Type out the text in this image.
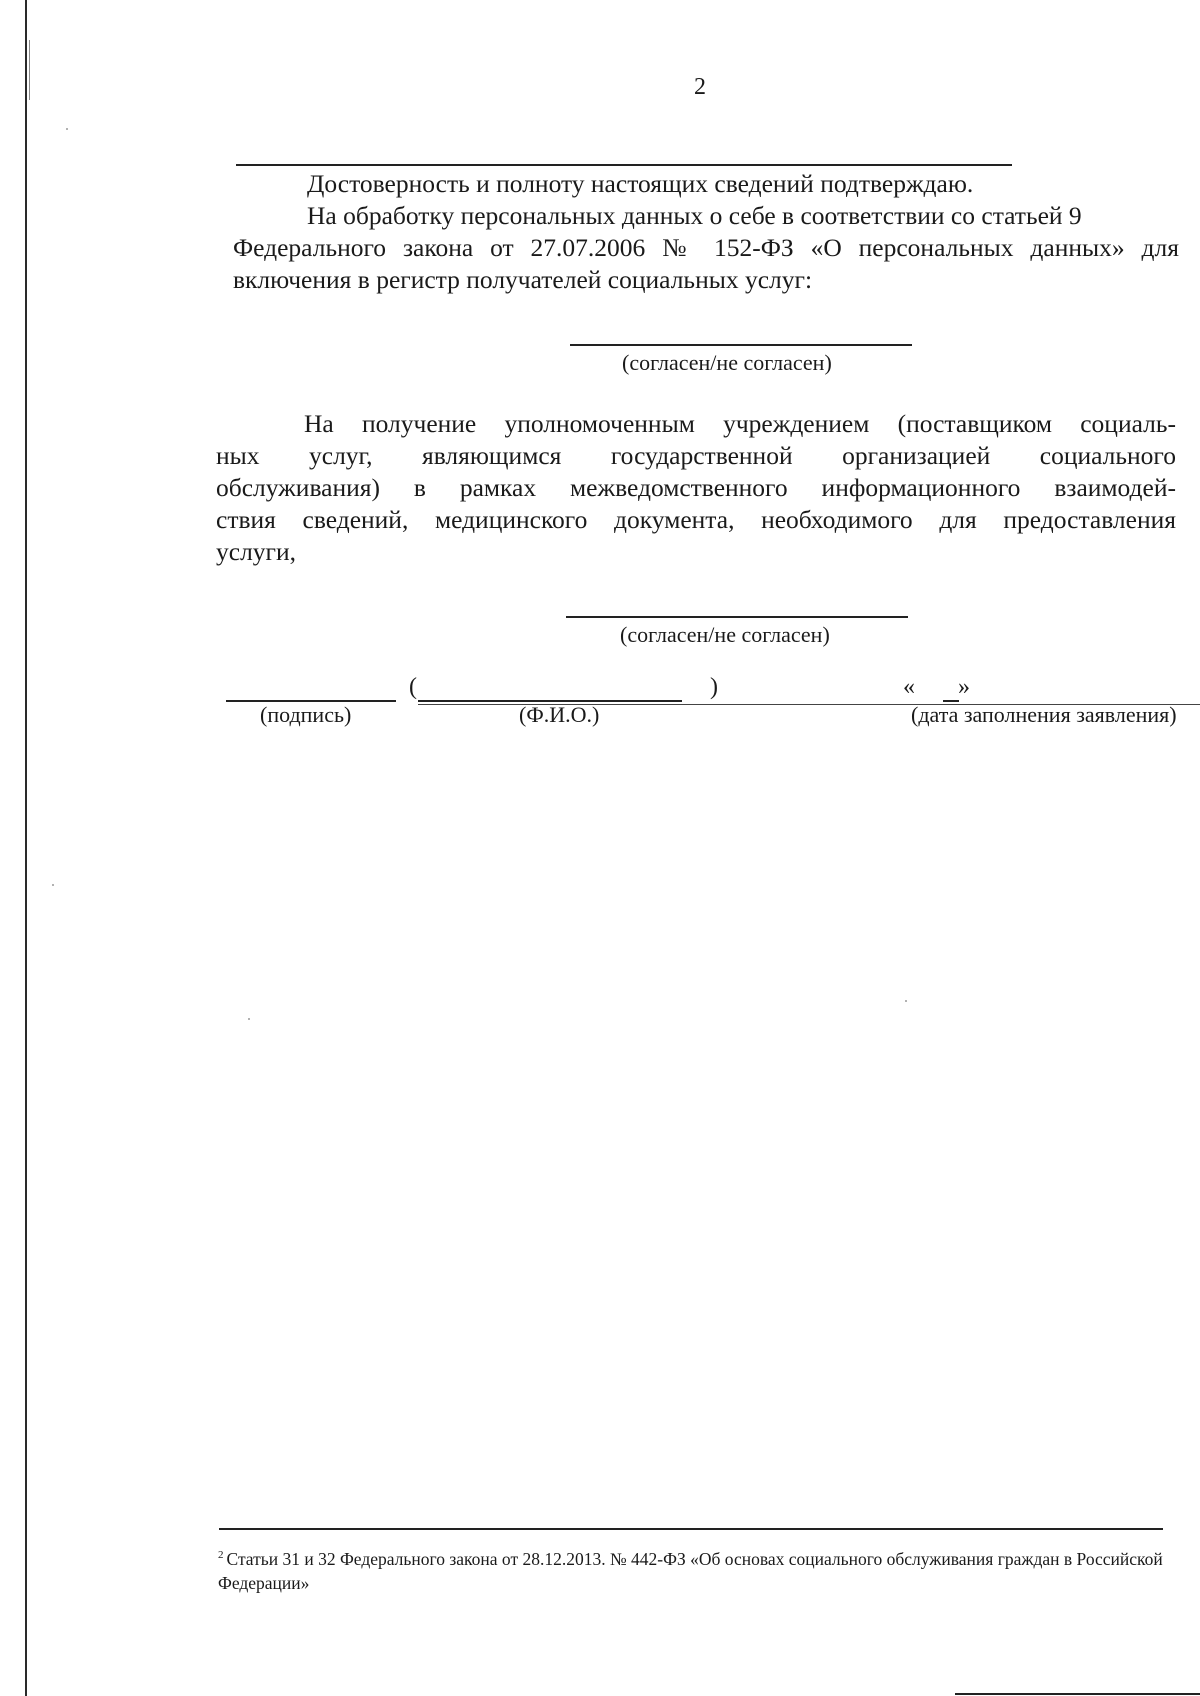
2
Достоверность и полноту настоящих сведений подтверждаю.
На обработку персональных данных о себе в соответствии со статьей 9
Федерального закона от 27.07.2006 № 152-ФЗ «О персональных данных» для
включения в регистр получателей социальных услуг:
(согласен/не согласен)
На получение уполномоченным учреждением (поставщиком социаль-
ных услуг, являющимся государственной организацией социального
обслуживания) в рамках межведомственного информационного взаимодей-
ствия сведений, медицинского документа, необходимого для предоставления
услуги,
(согласен/не согласен)
(	)	« »
(подпись)	(Ф.И.О.)	(дата заполнения заявления)
$^2$ Статьи 31 и 32 Федерального закона от 28.12.2013. № 442-ФЗ «Об основах социального обслуживания граждан в Российской Федерации»
